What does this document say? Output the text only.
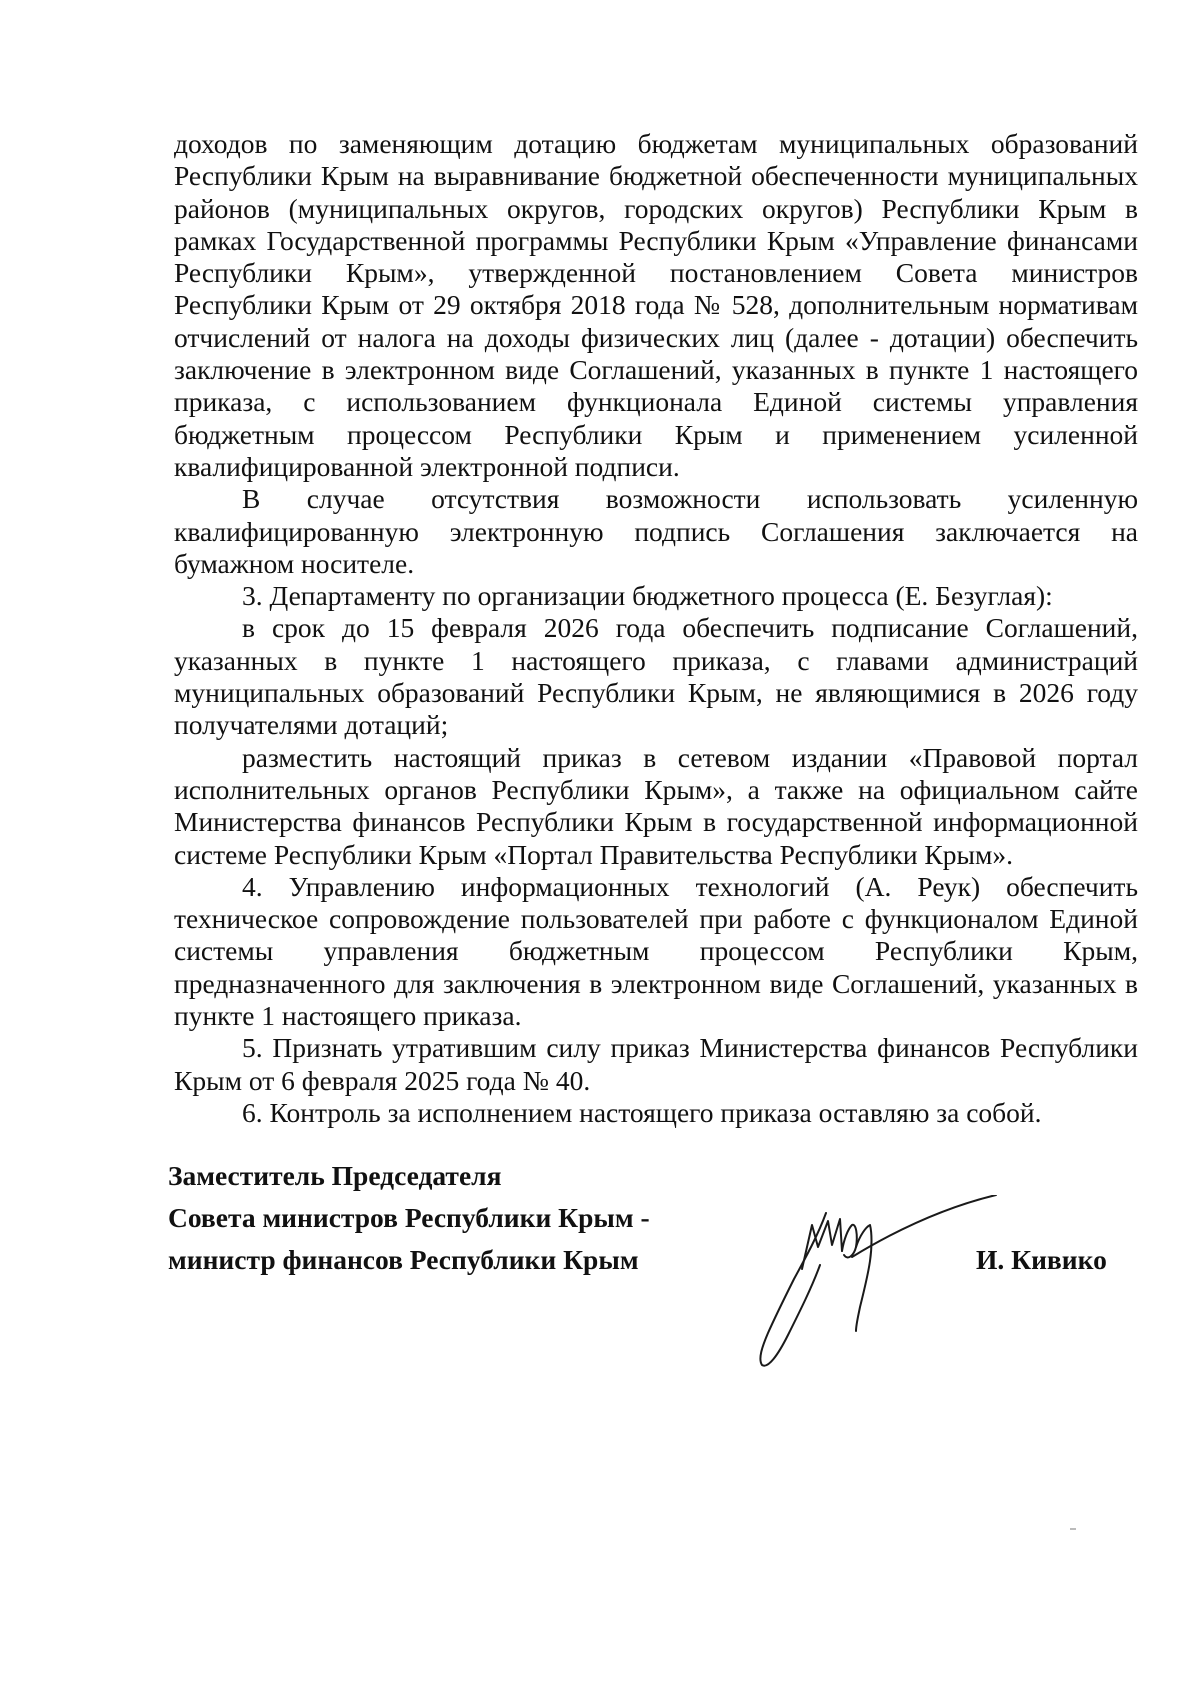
доходов по заменяющим дотацию бюджетам муниципальных образований Республики Крым на выравнивание бюджетной обеспеченности муниципальных районов (муниципальных округов, городских округов) Республики Крым в рамках Государственной программы Республики Крым «Управление финансами Республики Крым», утвержденной постановлением Совета министров Республики Крым от 29 октября 2018 года № 528, дополнительным нормативам отчислений от налога на доходы физических лиц (далее - дотации) обеспечить заключение в электронном виде Соглашений, указанных в пункте 1 настоящего приказа, с использованием функционала Единой системы управления бюджетным процессом Республики Крым и применением усиленной квалифицированной электронной подписи.

В случае отсутствия возможности использовать усиленную квалифицированную электронную подпись Соглашения заключается на бумажном носителе.

3. Департаменту по организации бюджетного процесса (Е. Безуглая):

в срок до 15 февраля 2026 года обеспечить подписание Соглашений, указанных в пункте 1 настоящего приказа, с главами администраций муниципальных образований Республики Крым, не являющимися в 2026 году получателями дотаций;

разместить настоящий приказ в сетевом издании «Правовой портал исполнительных органов Республики Крым», а также на официальном сайте Министерства финансов Республики Крым в государственной информационной системе Республики Крым «Портал Правительства Республики Крым».

4. Управлению информационных технологий (А. Реук) обеспечить техническое сопровождение пользователей при работе с функционалом Единой системы управления бюджетным процессом Республики Крым, предназначенного для заключения в электронном виде Соглашений, указанных в пункте 1 настоящего приказа.

5. Признать утратившим силу приказ Министерства финансов Республики Крым от 6 февраля 2025 года № 40.

6. Контроль за исполнением настоящего приказа оставляю за собой.

Заместитель Председателя
Совета министров Республики Крым -
министр финансов Республики Крым	И. Кивико
